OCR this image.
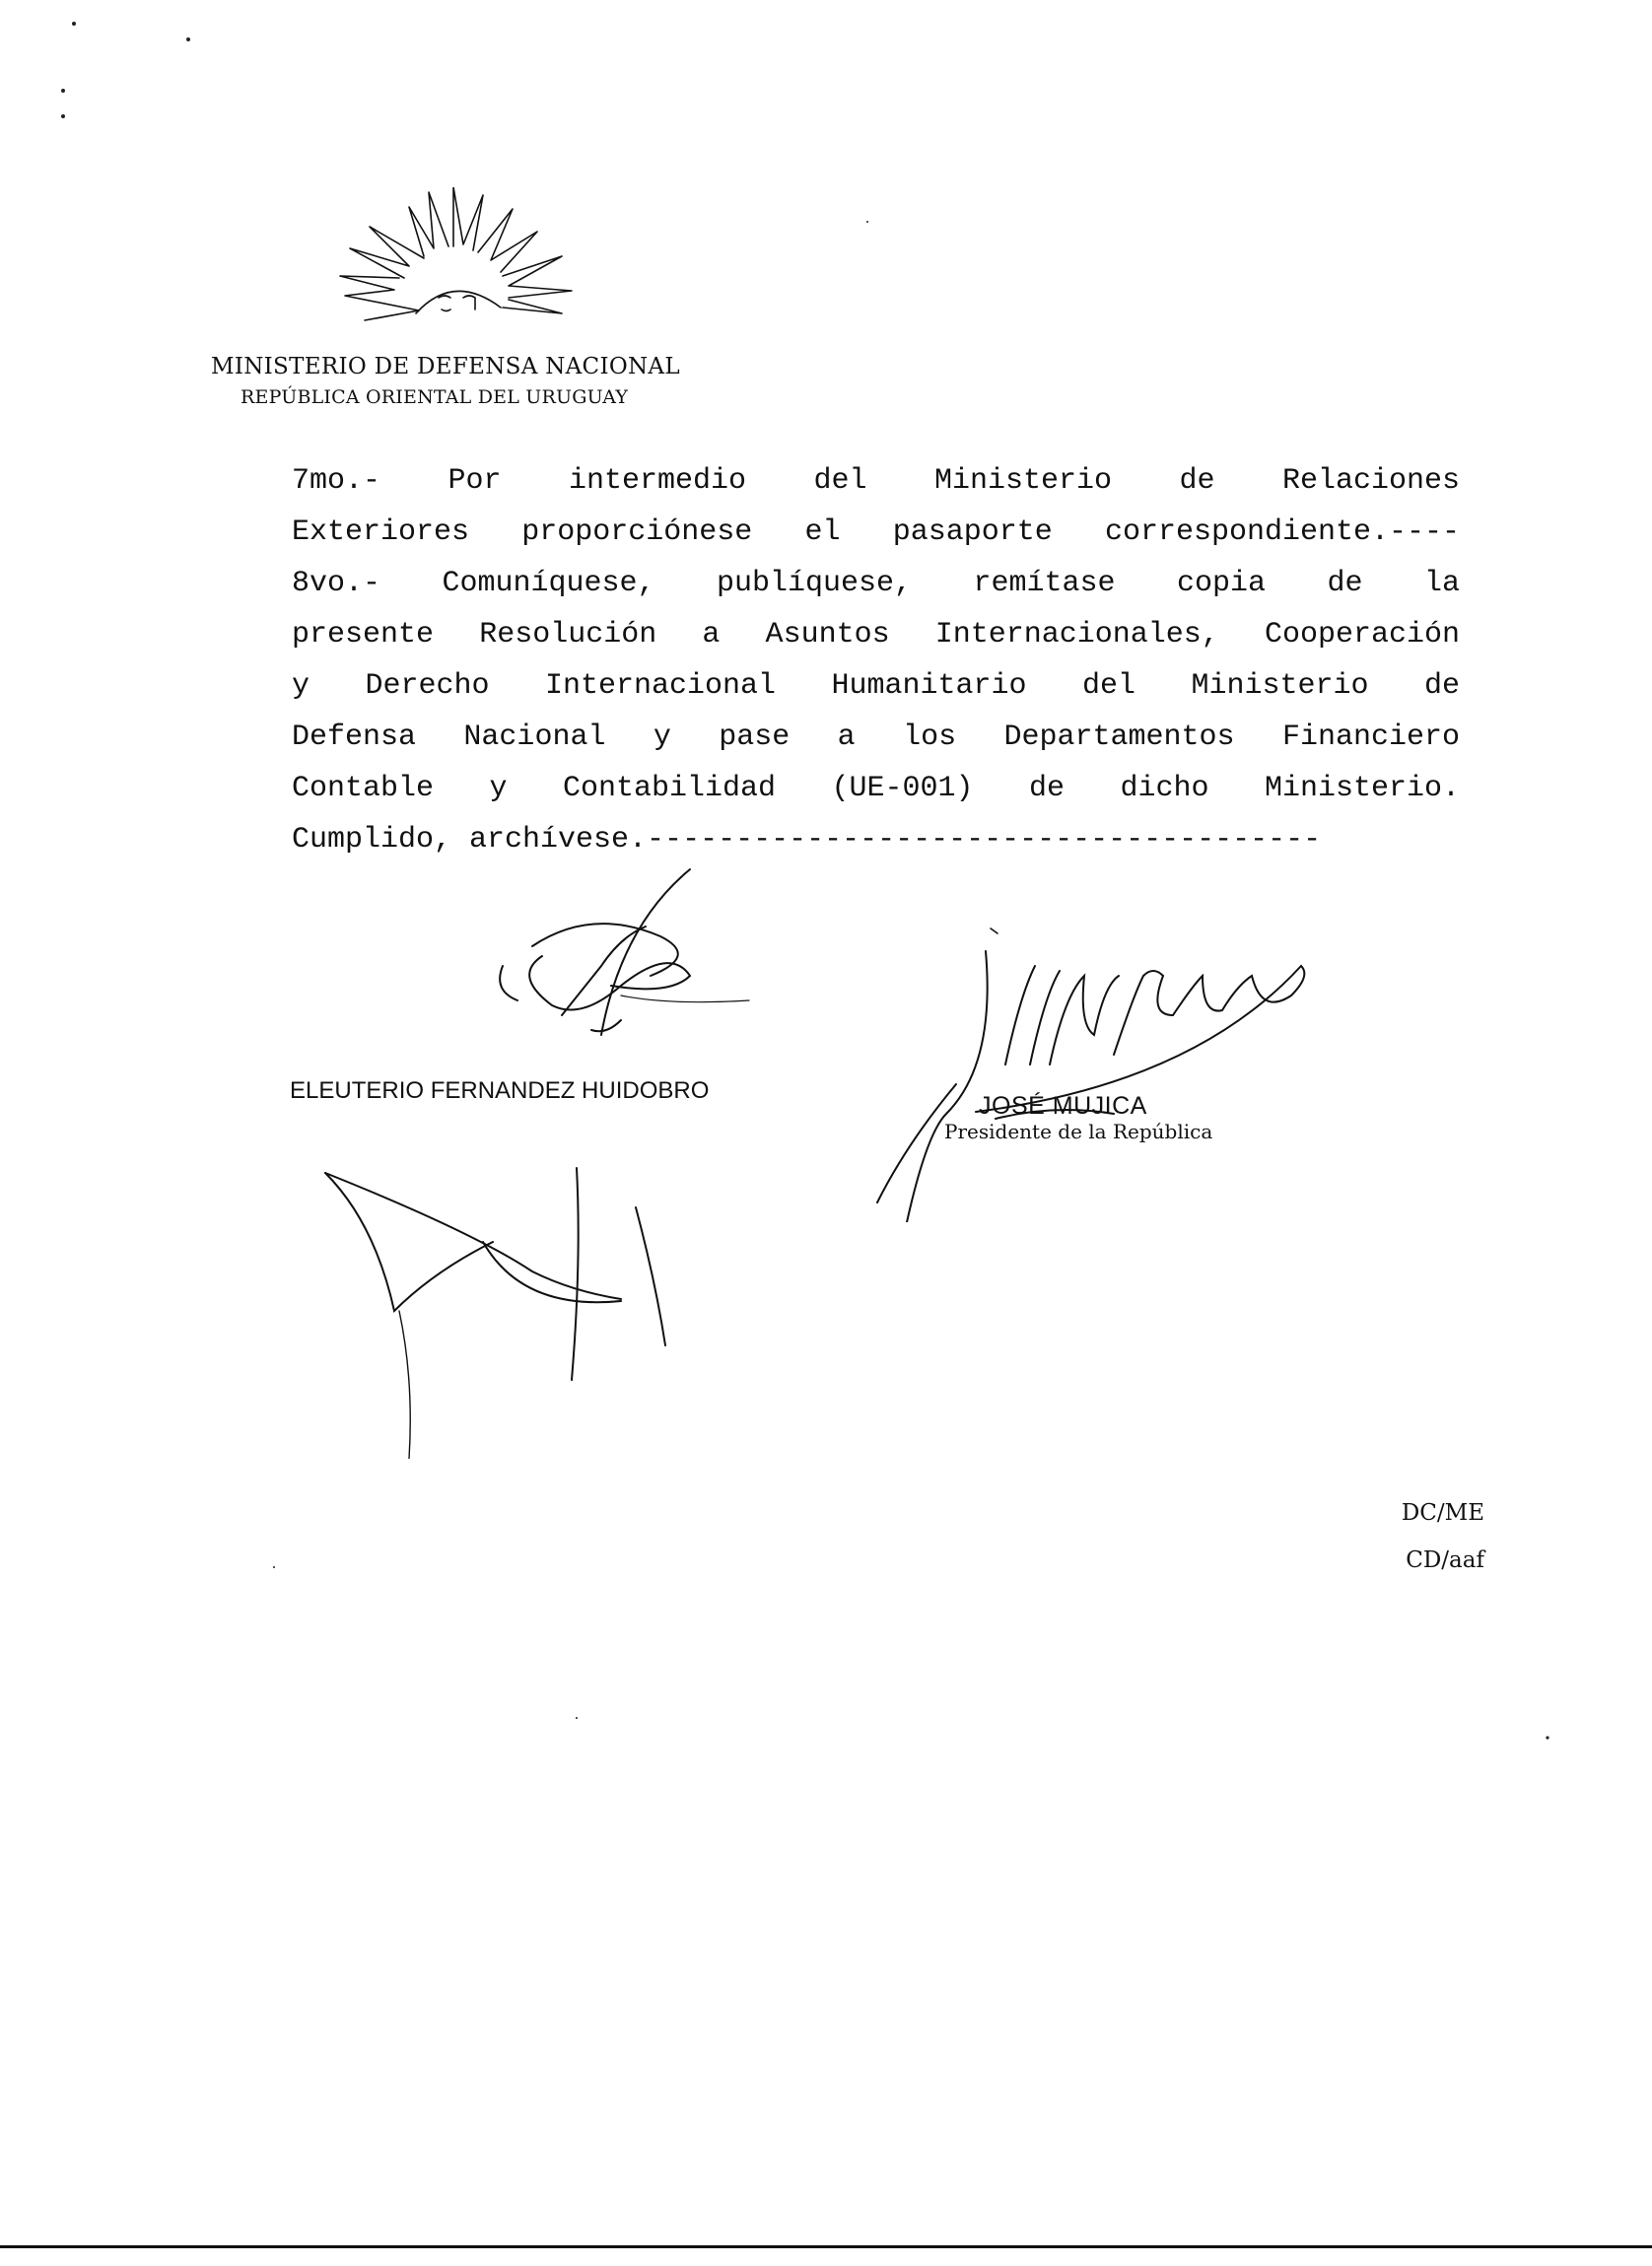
MINISTERIO DE DEFENSA NACIONAL
REPÚBLICA ORIENTAL DEL URUGUAY

7mo.- Por intermedio del Ministerio de Relaciones

Exteriores proporciónese el pasaporte correspondiente.----

8vo.- Comuníquese, publíquese, remítase copia de la

presente Resolución a Asuntos Internacionales, Cooperación

y Derecho Internacional Humanitario del Ministerio de

Defensa Nacional y pase a los Departamentos Financiero

Contable y Contabilidad (UE-001) de dicho Ministerio.

Cumplido, archívese.--------------------------------------

ELEUTERIO FERNANDEZ HUIDOBRO
JOSÉ MUJICA
Presidente de la República
DC/ME
CD/aaf
